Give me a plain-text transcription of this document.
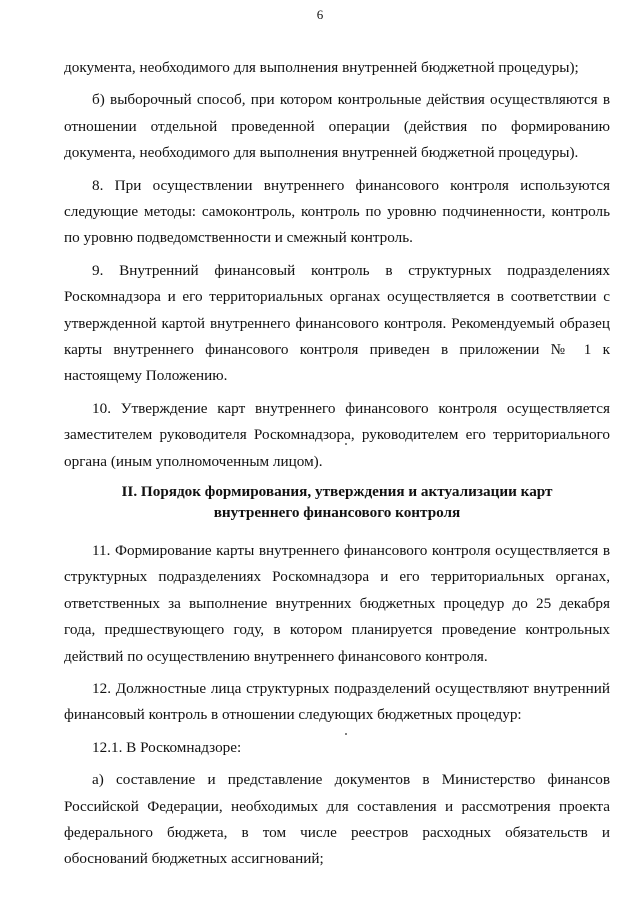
6

документа, необходимого для выполнения внутренней бюджетной процедуры);

б) выборочный способ, при котором контрольные действия осуществляются в отношении отдельной проведенной операции (действия по формированию документа, необходимого для выполнения внутренней бюджетной процедуры).

8. При осуществлении внутреннего финансового контроля используются следующие методы: самоконтроль, контроль по уровню подчиненности, контроль по уровню подведомственности и смежный контроль.

9. Внутренний финансовый контроль в структурных подразделениях Роскомнадзора и его территориальных органах осуществляется в соответствии с утвержденной картой внутреннего финансового контроля. Рекомендуемый образец карты внутреннего финансового контроля приведен в приложении № 1 к настоящему Положению.

10. Утверждение карт внутреннего финансового контроля осуществляется заместителем руководителя Роскомнадзора, руководителем его территориального органа (иным уполномоченным лицом).

II. Порядок формирования, утверждения и актуализации карт
внутреннего финансового контроля

11. Формирование карты внутреннего финансового контроля осуществляется в структурных подразделениях Роскомнадзора и его территориальных органах, ответственных за выполнение внутренних бюджетных процедур до 25 декабря года, предшествующего году, в котором планируется проведение контрольных действий по осуществлению внутреннего финансового контроля.

12. Должностные лица структурных подразделений осуществляют внутренний финансовый контроль в отношении следующих бюджетных процедур:

12.1. В Роскомнадзоре:

а) составление и представление документов в Министерство финансов Российской Федерации, необходимых для составления и рассмотрения проекта федерального бюджета, в том числе реестров расходных обязательств и обоснований бюджетных ассигнований;
